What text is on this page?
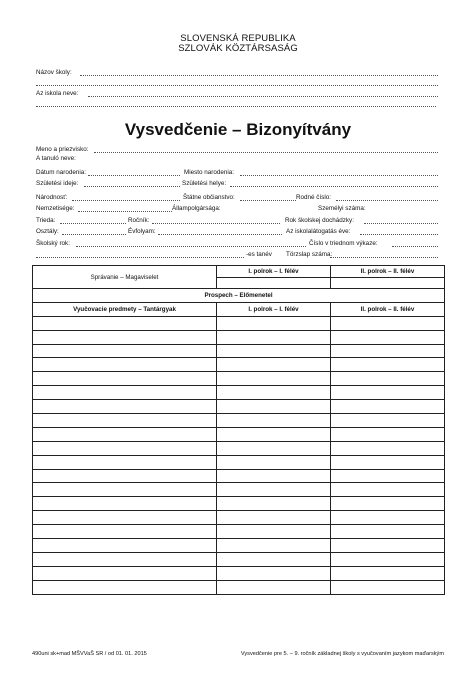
SLOVENSKÁ REPUBLIKA
SZLOVÁK KÖZTÁRSASÁG
Názov školy:
Az iskola neve:
Vysvedčenie – Bizonyítvány
Meno a priezvisko:
A tanuló neve:
Dátum narodenia:	Miesto narodenia:
Születési ideje:	Születési helye:
Národnosť:	Štátne občianstvo:	Rodné číslo:
Nemzetisége:	Állampolgársága:	Személyi száma:
Trieda:	Ročník:	Rok školskej dochádzky:
Osztály:	Évfolyam:	Az iskolalátogatás éve:
Školský rok:	Číslo v triednom výkaze:
-es tanév Törzslap száma:
Správanie – Magaviselet	I. polrok – I. félév	II. polrok – II. félév

Prospech – Előmenetel		
Vyučovacie predmety – Tantárgyak	I. polrok – I. félév	II. polrok – II. félév

490uni sk+mad MŠVVaŠ SR / od 01. 01. 2015	Vysvedčenie pre 5. – 9. ročník základnej školy s vyučovaním jazykom maďarským
